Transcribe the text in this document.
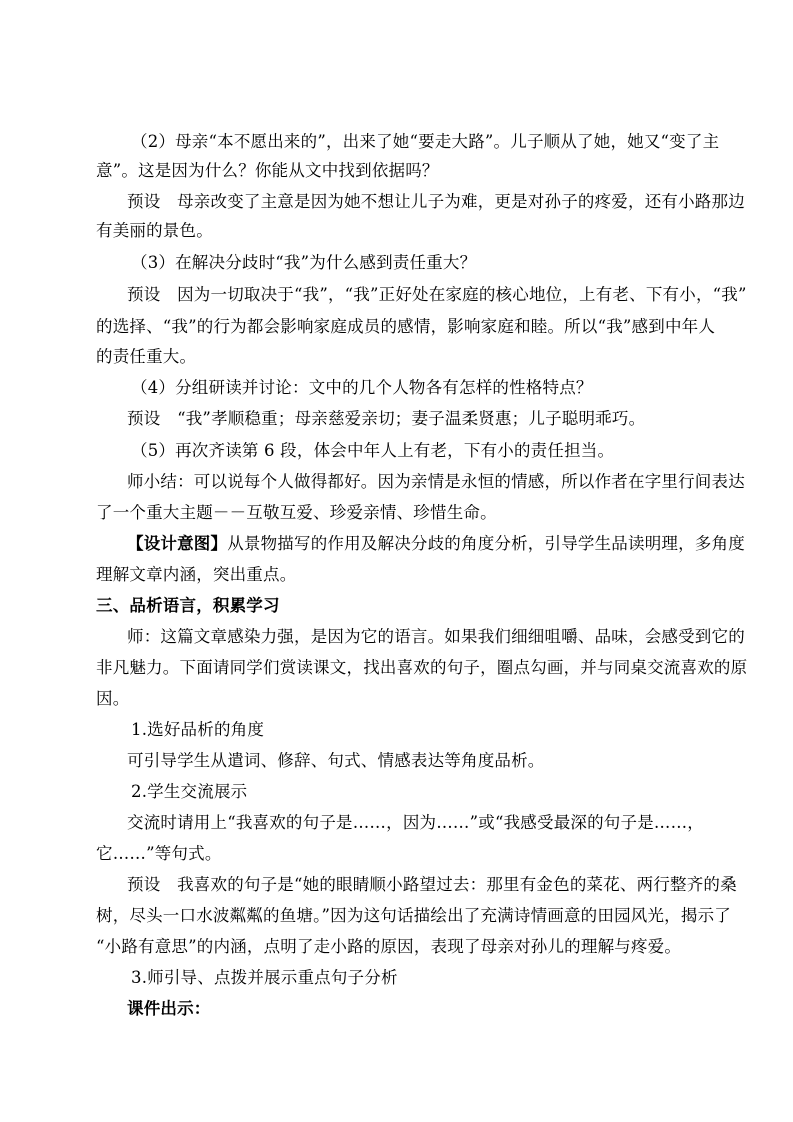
（2）母亲“本不愿出来的”，出来了她“要走大路”。儿子顺从了她，她又“变了主
意”。这是因为什么？你能从文中找到依据吗？
预设　母亲改变了主意是因为她不想让儿子为难，更是对孙子的疼爱，还有小路那边
有美丽的景色。
（3）在解决分歧时“我”为什么感到责任重大？
预设　因为一切取决于“我”，“我”正好处在家庭的核心地位，上有老、下有小，“我”
的选择、“我”的行为都会影响家庭成员的感情，影响家庭和睦。所以“我”感到中年人
的责任重大。
（4）分组研读并讨论：文中的几个人物各有怎样的性格特点？
预设　“我”孝顺稳重；母亲慈爱亲切；妻子温柔贤惠；儿子聪明乖巧。
（5）再次齐读第 6 段，体会中年人上有老，下有小的责任担当。
师小结：可以说每个人做得都好。因为亲情是永恒的情感，所以作者在字里行间表达
了一个重大主题－－互敬互爱、珍爱亲情、珍惜生命。
【设计意图】从景物描写的作用及解决分歧的角度分析，引导学生品读明理，多角度
理解文章内涵，突出重点。
三、品析语言，积累学习
师：这篇文章感染力强，是因为它的语言。如果我们细细咀嚼、品味，会感受到它的
非凡魅力。下面请同学们赏读课文，找出喜欢的句子，圈点勾画，并与同桌交流喜欢的原
因。
1.选好品析的角度
可引导学生从遣词、修辞、句式、情感表达等角度品析。
2.学生交流展示
交流时请用上“我喜欢的句子是……，因为……”或“我感受最深的句子是……，
它……”等句式。
预设　我喜欢的句子是“她的眼睛顺小路望过去：那里有金色的菜花、两行整齐的桑
树，尽头一口水波粼粼的鱼塘。”因为这句话描绘出了充满诗情画意的田园风光，揭示了
“小路有意思”的内涵，点明了走小路的原因，表现了母亲对孙儿的理解与疼爱。
3.师引导、点拨并展示重点句子分析
课件出示：
